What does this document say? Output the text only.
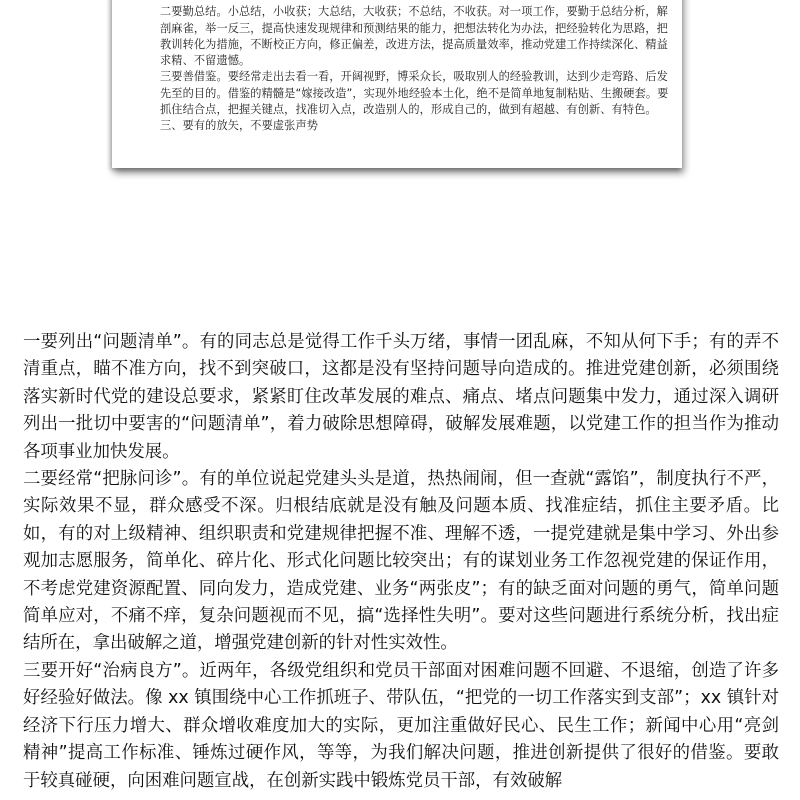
二要勤总结。小总结，小收获；大总结，大收获；不总结，不收获。对一项工作，要勤于总结分析，解剖麻雀，举一反三，提高快速发现规律和预测结果的能力，把想法转化为办法，把经验转化为思路，把教训转化为措施，不断校正方向，修正偏差，改进方法，提高质量效率，推动党建工作持续深化、精益求精、不留遗憾。

三要善借鉴。要经常走出去看一看，开阔视野，博采众长，吸取别人的经验教训，达到少走弯路、后发先至的目的。借鉴的精髓是“嫁接改造”，实现外地经验本土化，绝不是简单地复制粘贴、生搬硬套。要抓住结合点，把握关键点，找准切入点，改造别人的，形成自己的，做到有超越、有创新、有特色。

三、要有的放矢，不要虚张声势

一要列出“问题清单”。有的同志总是觉得工作千头万绪，事情一团乱麻，不知从何下手；有的弄不清重点，瞄不准方向，找不到突破口，这都是没有坚持问题导向造成的。推进党建创新，必须围绕落实新时代党的建设总要求，紧紧盯住改革发展的难点、痛点、堵点问题集中发力，通过深入调研列出一批切中要害的“问题清单”，着力破除思想障碍，破解发展难题，以党建工作的担当作为推动各项事业加快发展。

二要经常“把脉问诊”。有的单位说起党建头头是道，热热闹闹，但一查就“露馅”，制度执行不严，实际效果不显，群众感受不深。归根结底就是没有触及问题本质、找准症结，抓住主要矛盾。比如，有的对上级精神、组织职责和党建规律把握不准、理解不透，一提党建就是集中学习、外出参观加志愿服务，简单化、碎片化、形式化问题比较突出；有的谋划业务工作忽视党建的保证作用，不考虑党建资源配置、同向发力，造成党建、业务“两张皮”；有的缺乏面对问题的勇气，简单问题简单应对，不痛不痒，复杂问题视而不见，搞“选择性失明”。要对这些问题进行系统分析，找出症结所在，拿出破解之道，增强党建创新的针对性实效性。

三要开好“治病良方”。近两年，各级党组织和党员干部面对困难问题不回避、不退缩，创造了许多好经验好做法。像 xx 镇围绕中心工作抓班子、带队伍，“把党的一切工作落实到支部”；xx 镇针对经济下行压力增大、群众增收难度加大的实际，更加注重做好民心、民生工作；新闻中心用“亮剑精神”提高工作标准、锤炼过硬作风，等等，为我们解决问题，推进创新提供了很好的借鉴。要敢于较真碰硬，向困难问题宣战，在创新实践中锻炼党员干部，有效破解
